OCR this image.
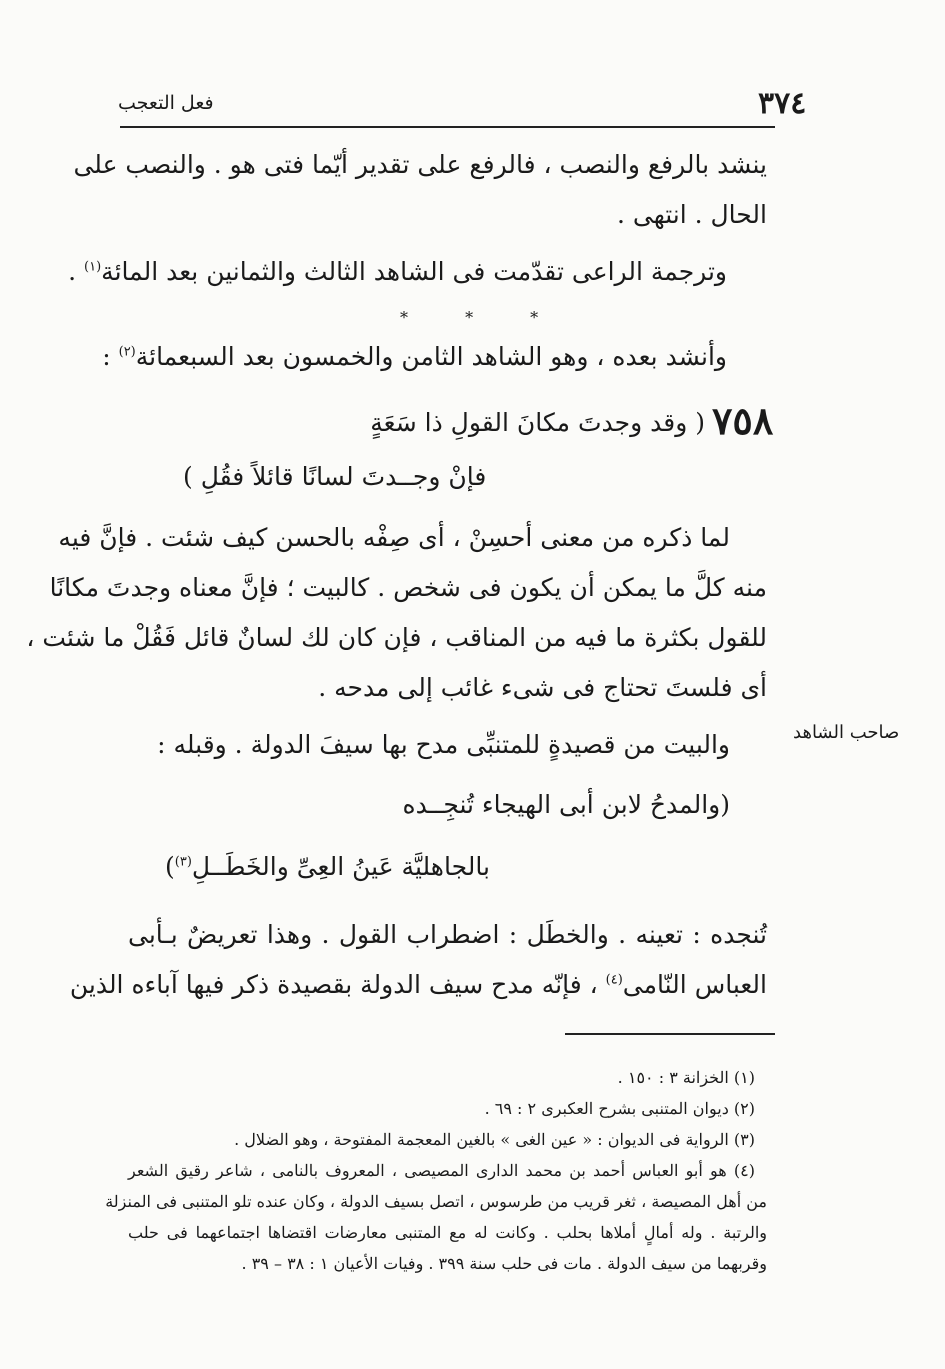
٣٧٤
فعل التعجب
ينشد بالرفع والنصب ، فالرفع على تقدير أيّما فتى هو . والنصب على
الحال . انتهى .
وترجمة الراعى تقدّمت فى الشاهد الثالث والثمانين بعد المائة$^{(١)}$ .
* * *
وأنشد بعده ، وهو الشاهد الثامن والخمسون بعد السبعمائة$^{(٢)}$ :
٧٥٨
( وقد وجدتَ مكانَ القولِ ذا سَعَةٍ
فإنْ وجــدتَ لسانًا قائلاً فقُلِ )
لما ذكره من معنى أحسِنْ ، أى صِفْه بالحسن كيف شئت . فإنَّ فيه
منه كلَّ ما يمكن أن يكون فى شخص . كالبيت ؛ فإنَّ معناه وجدتَ مكانًا
للقول بكثرة ما فيه من المناقب ، فإن كان لك لسانٌ قائل فَقُلْ ما شئت ،
أى فلستَ تحتاج فى شىء غائب إلى مدحه .
صاحب الشاهد
والبيت من قصيدةٍ للمتنبِّى مدح بها سيفَ الدولة . وقبله :
(والمدحُ لابن أبى الهيجاء تُنجِــده
بالجاهليَّة عَينُ العِىِّ والخَطَــلِ$^{(٣)}$)
تُنجده : تعينه . والخطَل : اضطراب القول . وهذا تعريضٌ بـأبى
العباس النّامى$^{(٤)}$ ، فإنّه مدح سيف الدولة بقصيدة ذكر فيها آباءه الذين
(١) الخزانة ٣ : ١٥٠ .
(٢) ديوان المتنبى بشرح العكبرى ٢ : ٦٩ .
(٣) الرواية فى الديوان : « عين الغى » بالغين المعجمة المفتوحة ، وهو الضلال .
(٤) هو أبو العباس أحمد بن محمد الدارى المصيصى ، المعروف بالنامى ، شاعر رقيق الشعر
من أهل المصيصة ، ثغر قريب من طرسوس ، اتصل بسيف الدولة ، وكان عنده تلو المتنبى فى المنزلة
والرتبة . وله أمالٍ أملاها بحلب . وكانت له مع المتنبى معارضات اقتضاها اجتماعهما فى حلب
وقربهما من سيف الدولة . مات فى حلب سنة ٣٩٩ . وفيات الأعيان ١ : ٣٨ – ٣٩ .
